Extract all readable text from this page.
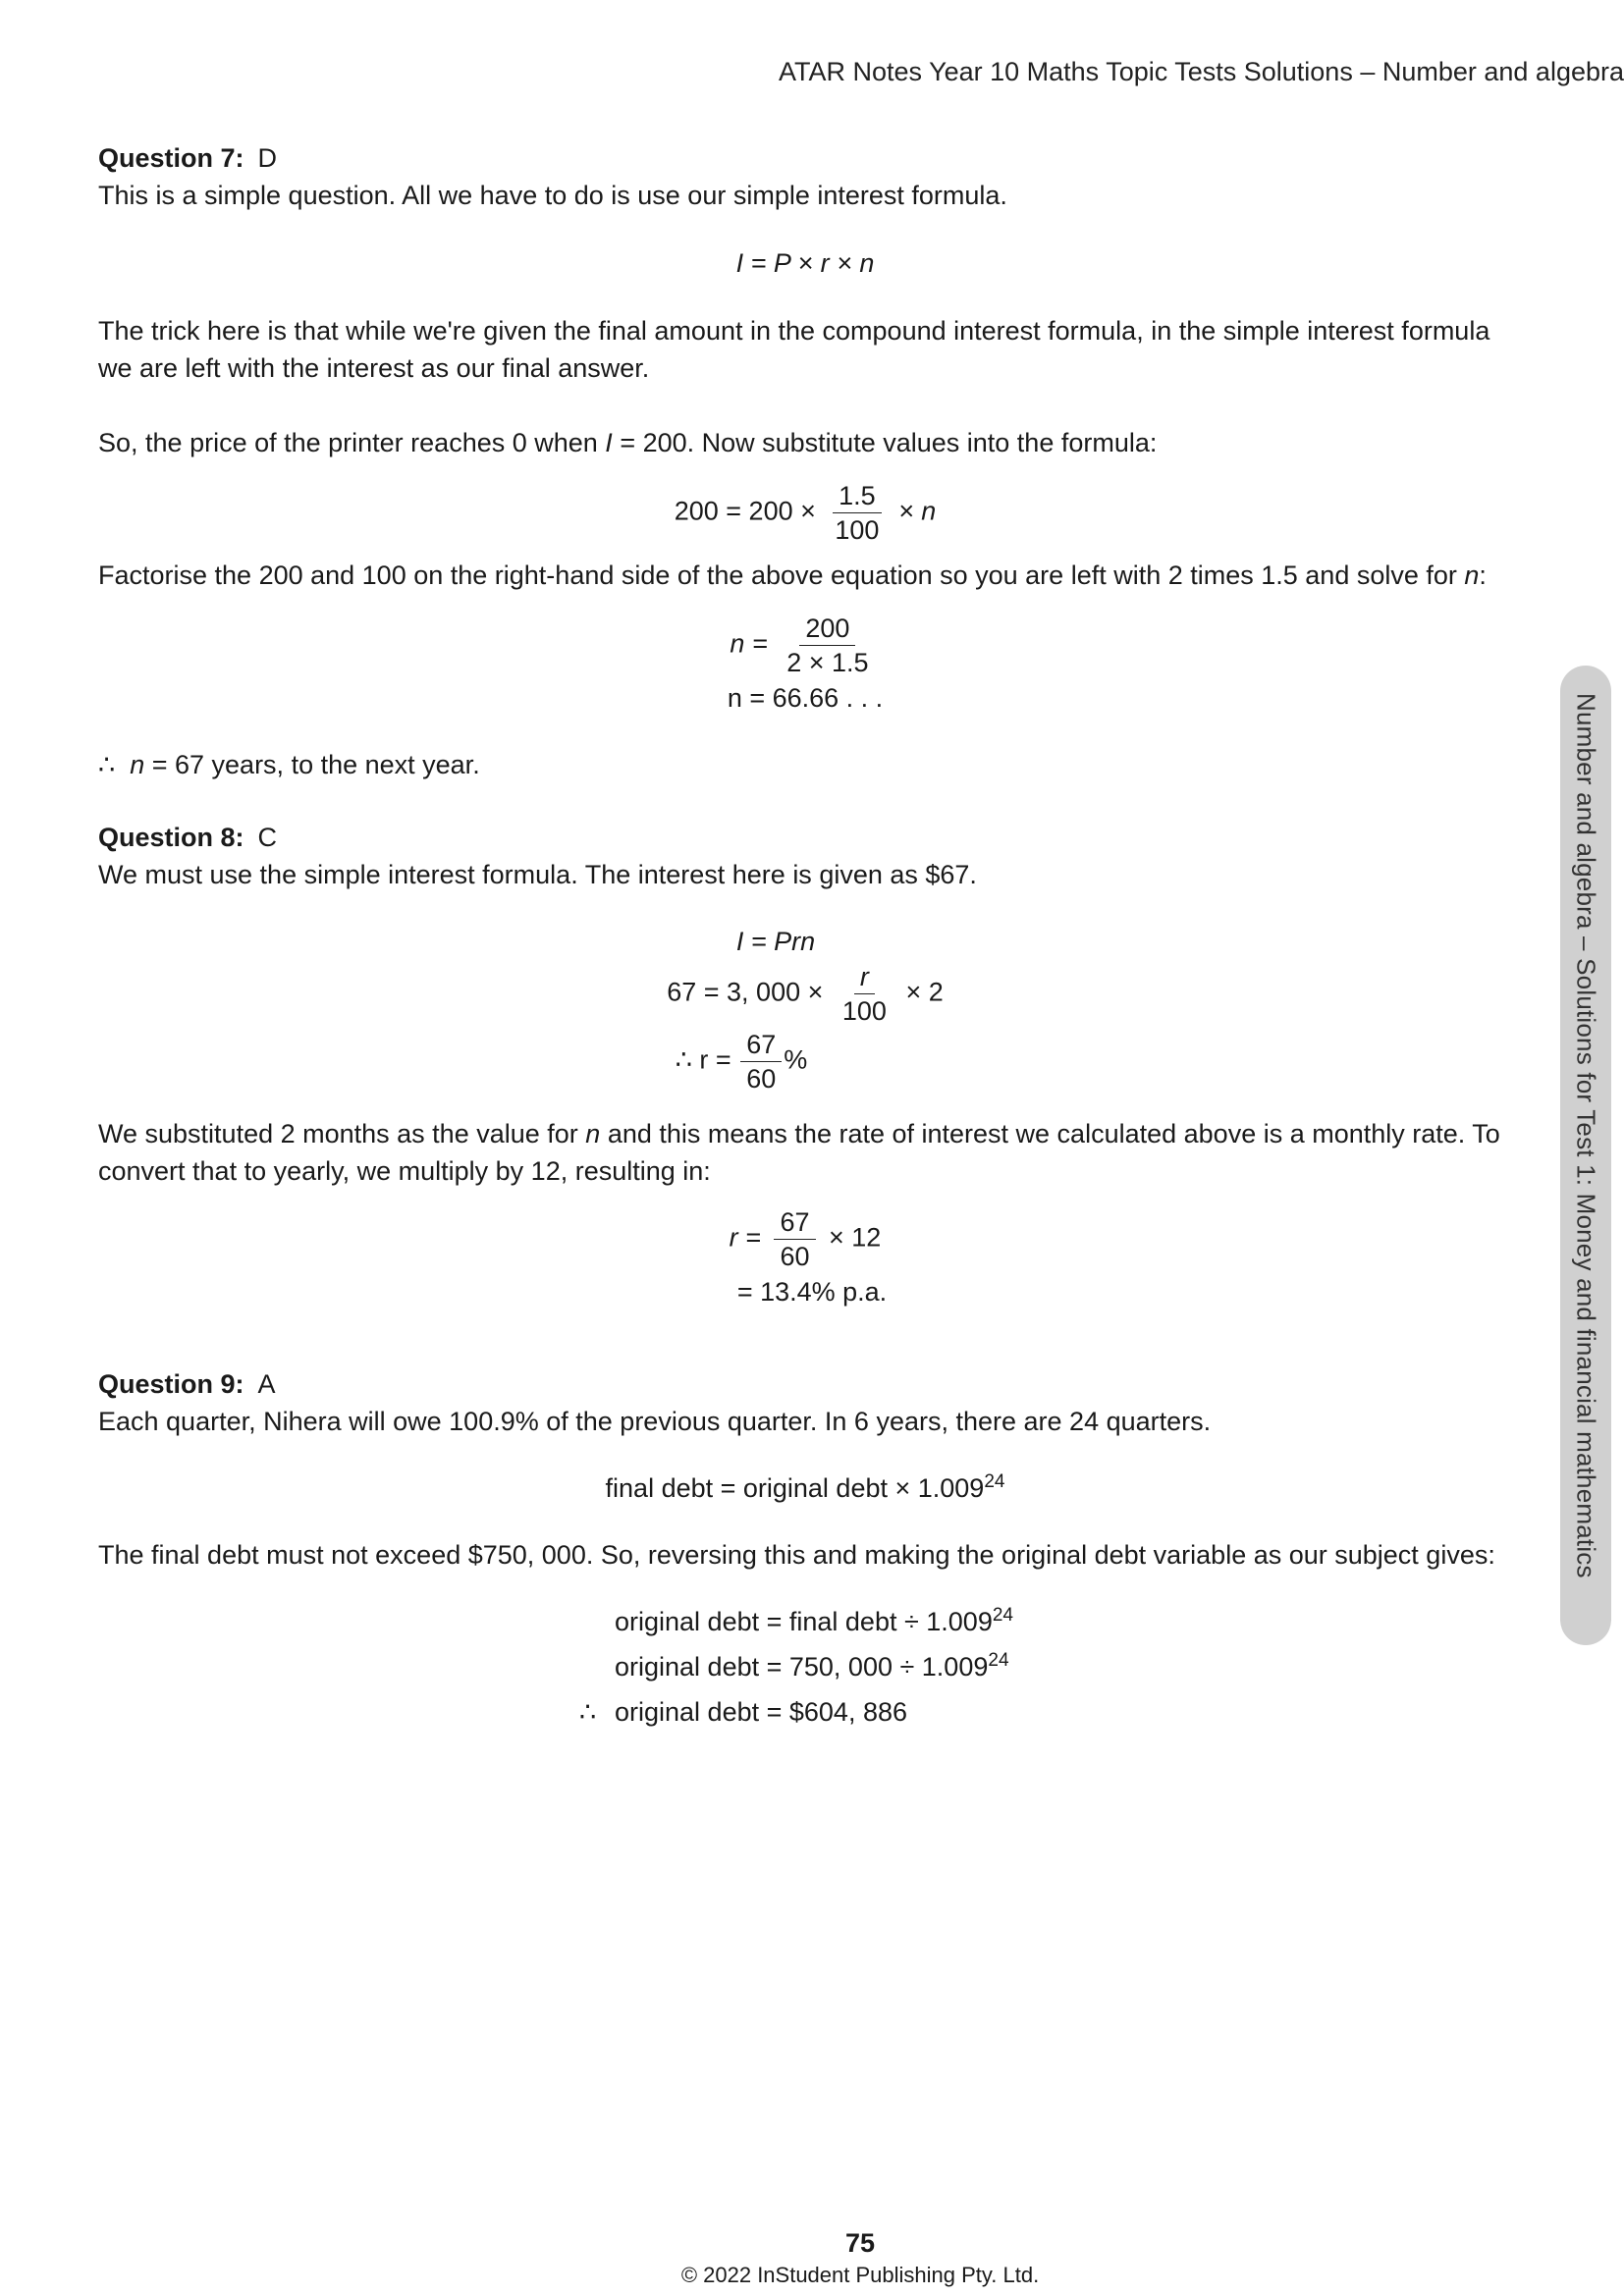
ATAR Notes Year 10 Maths Topic Tests Solutions – Number and algebra
Number and algebra – Solutions for Test 1: Money and financial mathematics

Question 7: D

This is a simple question. All we have to do is use our simple interest formula.

I = P × r × n

The trick here is that while we're given the final amount in the compound interest formula, in the simple interest formula we are left with the interest as our final answer.

So, the price of the printer reaches 0 when I = 200. Now substitute values into the formula:

$200 = 200 \times \frac{1.5}{100} \times n$

Factorise the 200 and 100 on the right-hand side of the above equation so you are left with 2 times 1.5 and solve for n:

$n = \frac{200}{2 \times 1.5}$

n = 66.66 . . .

∴ n = 67 years, to the next year.

Question 8: C

We must use the simple interest formula. The interest here is given as $67.

I = Prn

67 = 3, $000 \times \frac{r}{100} \times 2$
∴ $r = \frac{67}{60}$ %

We substituted 2 months as the value for n and this means the rate of interest we calculated above is a monthly rate. To convert that to yearly, we multiply by 12, resulting in:

$r = \frac{67}{60} \times 12$

= 13.4% p.a.

Question 9: A

Each quarter, Nihera will owe 100.9% of the previous quarter. In 6 years, there are 24 quarters.

final debt = original debt × $1.009^{24}$

The final debt must not exceed $750, 000. So, reversing this and making the original debt variable as our subject gives:

original debt = final debt ÷ $1.009^{24}$

original debt = 750, $000 \div 1.009^{24}$

∴ original debt = $604, 886

75
© 2022 InStudent Publishing Pty. Ltd.
